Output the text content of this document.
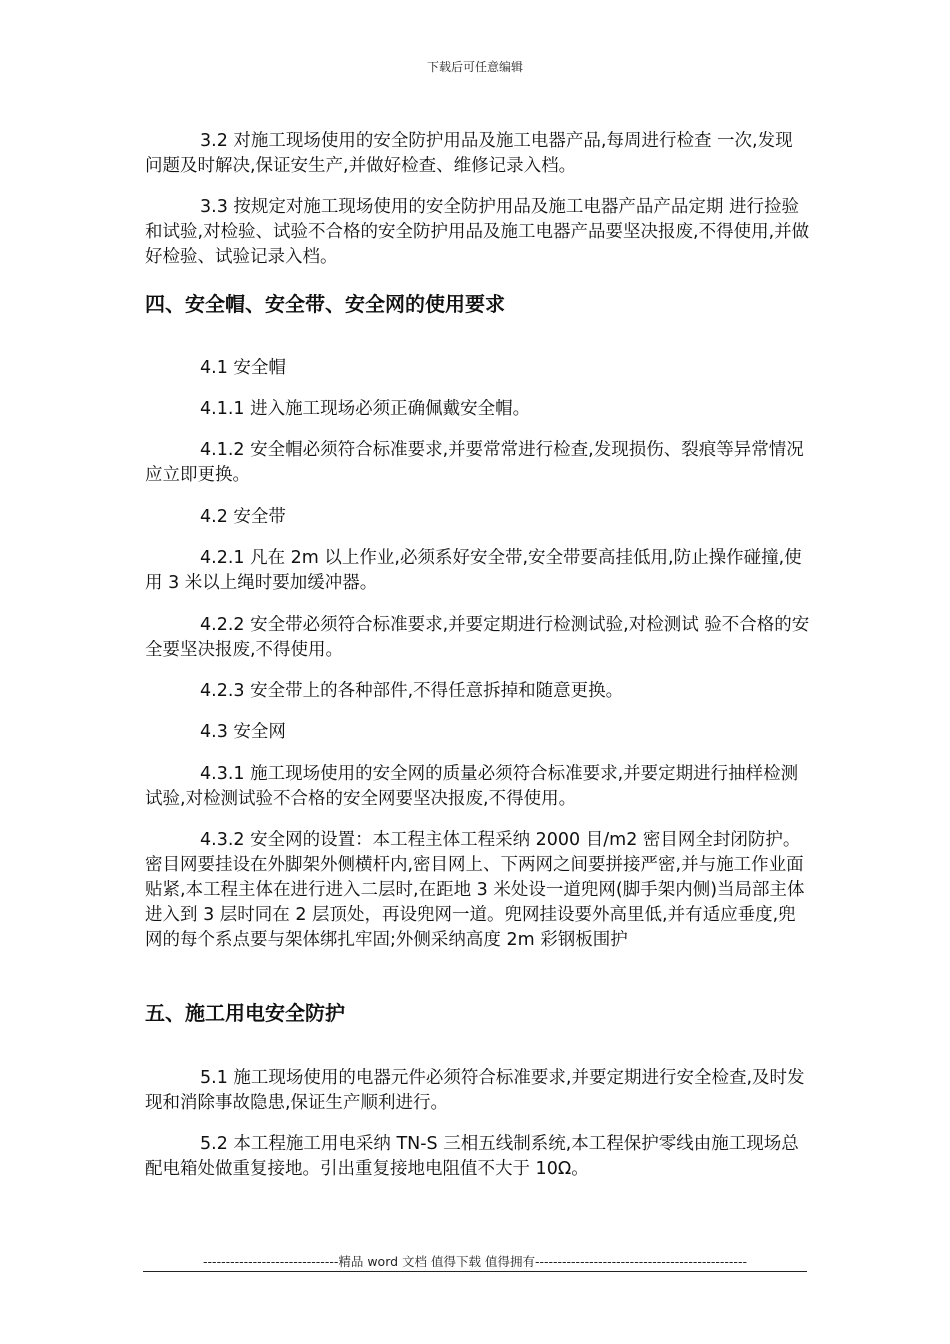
下载后可任意编辑

3.2 对施工现场使用的安全防护用品及施工电器产品,每周进行检查 一次,发现问题及时解决,保证安生产,并做好检查、维修记录入档。

3.3 按规定对施工现场使用的安全防护用品及施工电器产品产品定期 进行捡验和试验,对检验、试验不合格的安全防护用品及施工电器产品要坚决报废,不得使用,并做好检验、试验记录入档。

四、安全帽、安全带、安全网的使用要求

4.1 安全帽

4.1.1 进入施工现场必须正确佩戴安全帽。

4.1.2 安全帽必须符合标准要求,并要常常进行检查,发现损伤、裂痕等异常情况应立即更换。

4.2 安全带

4.2.1 凡在 2m 以上作业,必须系好安全带,安全带要高挂低用,防止操作碰撞,使用 3 米以上绳时要加缓冲器。

4.2.2 安全带必须符合标准要求,并要定期进行检测试验,对检测试 验不合格的安全要坚决报废,不得使用。

4.2.3 安全带上的各种部件,不得任意拆掉和随意更换。

4.3 安全网

4.3.1 施工现场使用的安全网的质量必须符合标准要求,并要定期进行抽样检测试验,对检测试验不合格的安全网要坚决报废,不得使用。

4.3.2 安全网的设置：本工程主体工程采纳 2000 目/m2 密目网全封闭防护。密目网要挂设在外脚架外侧横杆内,密目网上、下两网之间要拼接严密,并与施工作业面贴紧,本工程主体在进行进入二层时,在距地 3 米处设一道兜网(脚手架内侧)当局部主体进入到 3 层时同在 2 层顶处，再设兜网一道。兜网挂设要外高里低,并有适应垂度,兜网的每个系点要与架体绑扎牢固;外侧采纳高度 2m 彩钢板围护

五、施工用电安全防护

5.1 施工现场使用的电器元件必须符合标准要求,并要定期进行安全检查,及时发现和消除事故隐患,保证生产顺利进行。

5.2 本工程施工用电采纳 TN-S 三相五线制系统,本工程保护零线由施工现场总配电箱处做重复接地。引出重复接地电阻值不大于 10Ω。

------------------------------精品 word 文档 值得下载 值得拥有-----------------------------------------------
